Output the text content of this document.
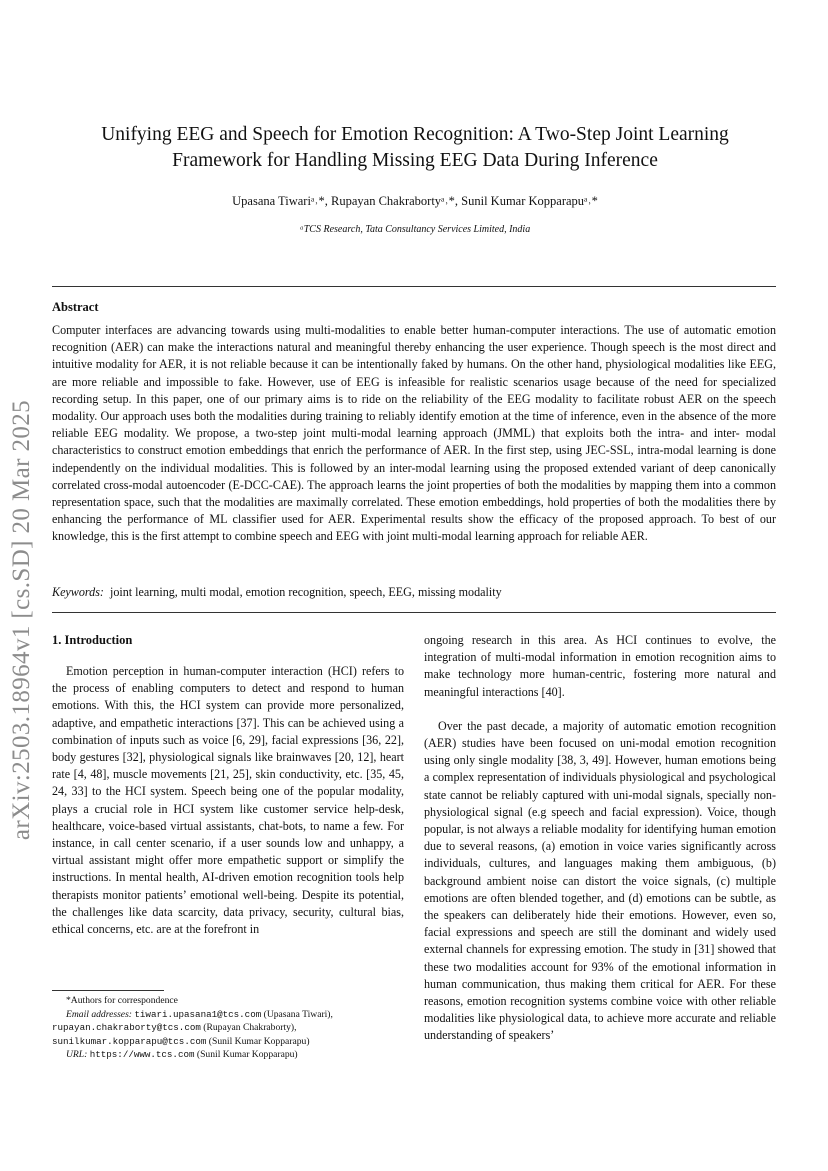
arXiv:2503.18964v1 [cs.SD] 20 Mar 2025
Unifying EEG and Speech for Emotion Recognition: A Two-Step Joint Learning
Framework for Handling Missing EEG Data During Inference
Upasana Tiwariᵃ˒*, Rupayan Chakrabortyᵃ˒*, Sunil Kumar Kopparapuᵃ˒*
ᵃTCS Research, Tata Consultancy Services Limited, India
Abstract

Computer interfaces are advancing towards using multi-modalities to enable better human-computer interactions. The use of automatic emotion recognition (AER) can make the interactions natural and meaningful thereby enhancing the user experience. Though speech is the most direct and intuitive modality for AER, it is not reliable because it can be intentionally faked by humans. On the other hand, physiological modalities like EEG, are more reliable and impossible to fake. However, use of EEG is infeasible for realistic scenarios usage because of the need for specialized recording setup. In this paper, one of our primary aims is to ride on the reliability of the EEG modality to facilitate robust AER on the speech modality. Our approach uses both the modalities during training to reliably identify emotion at the time of inference, even in the absence of the more reliable EEG modality. We propose, a two-step joint multi-modal learning approach (JMML) that exploits both the intra- and inter- modal characteristics to construct emotion embeddings that enrich the performance of AER. In the first step, using JEC-SSL, intra-modal learning is done independently on the individual modalities. This is followed by an inter-modal learning using the proposed extended variant of deep canonically correlated cross-modal autoencoder (E-DCC-CAE). The approach learns the joint properties of both the modalities by mapping them into a common representation space, such that the modalities are maximally correlated. These emotion embeddings, hold properties of both the modalities there by enhancing the performance of ML classifier used for AER. Experimental results show the efficacy of the proposed approach. To best of our knowledge, this is the first attempt to combine speech and EEG with joint multi-modal learning approach for reliable AER.

Keywords: joint learning, multi modal, emotion recognition, speech, EEG, missing modality
1. Introduction

Emotion perception in human-computer interaction (HCI) refers to the process of enabling computers to detect and respond to human emotions. With this, the HCI system can provide more personalized, adaptive, and empathetic interactions [37]. This can be achieved using a combination of inputs such as voice [6, 29], facial expressions [36, 22], body gestures [32], physiological signals like brainwaves [20, 12], heart rate [4, 48], muscle movements [21, 25], skin conductivity, etc. [35, 45, 24, 33] to the HCI system. Speech being one of the popular modality, plays a crucial role in HCI system like customer service help-desk, healthcare, voice-based virtual assistants, chat-bots, to name a few. For instance, in call center scenario, if a user sounds low and unhappy, a virtual assistant might offer more empathetic support or simplify the instructions. In mental health, AI-driven emotion recognition tools help therapists monitor patients’ emotional well-being. Despite its potential, the challenges like data scarcity, data privacy, security, cultural bias, ethical concerns, etc. are at the forefront in

ongoing research in this area. As HCI continues to evolve, the integration of multi-modal information in emotion recognition aims to make technology more human-centric, fostering more natural and meaningful interactions [40].

Over the past decade, a majority of automatic emotion recognition (AER) studies have been focused on uni-modal emotion recognition using only single modality [38, 3, 49]. However, human emotions being a complex representation of individuals physiological and psychological state cannot be reliably captured with uni-modal signals, specially non-physiological signal (e.g speech and facial expression). Voice, though popular, is not always a reliable modality for identifying human emotion due to several reasons, (a) emotion in voice varies significantly across individuals, cultures, and languages making them ambiguous, (b) background ambient noise can distort the voice signals, (c) multiple emotions are often blended together, and (d) emotions can be subtle, as the speakers can deliberately hide their emotions. However, even so, facial expressions and speech are still the dominant and widely used external channels for expressing emotion. The study in [31] showed that these two modalities account for 93% of the emotional information in human communication, thus making them critical for AER. For these reasons, emotion recognition systems combine voice with other reliable modalities like physiological data, to achieve more accurate and reliable understanding of speakers’

*Authors for correspondence
Email addresses: tiwari.upasana1@tcs.com (Upasana Tiwari),
rupayan.chakraborty@tcs.com (Rupayan Chakraborty),
sunilkumar.kopparapu@tcs.com (Sunil Kumar Kopparapu)
URL: https://www.tcs.com (Sunil Kumar Kopparapu)
